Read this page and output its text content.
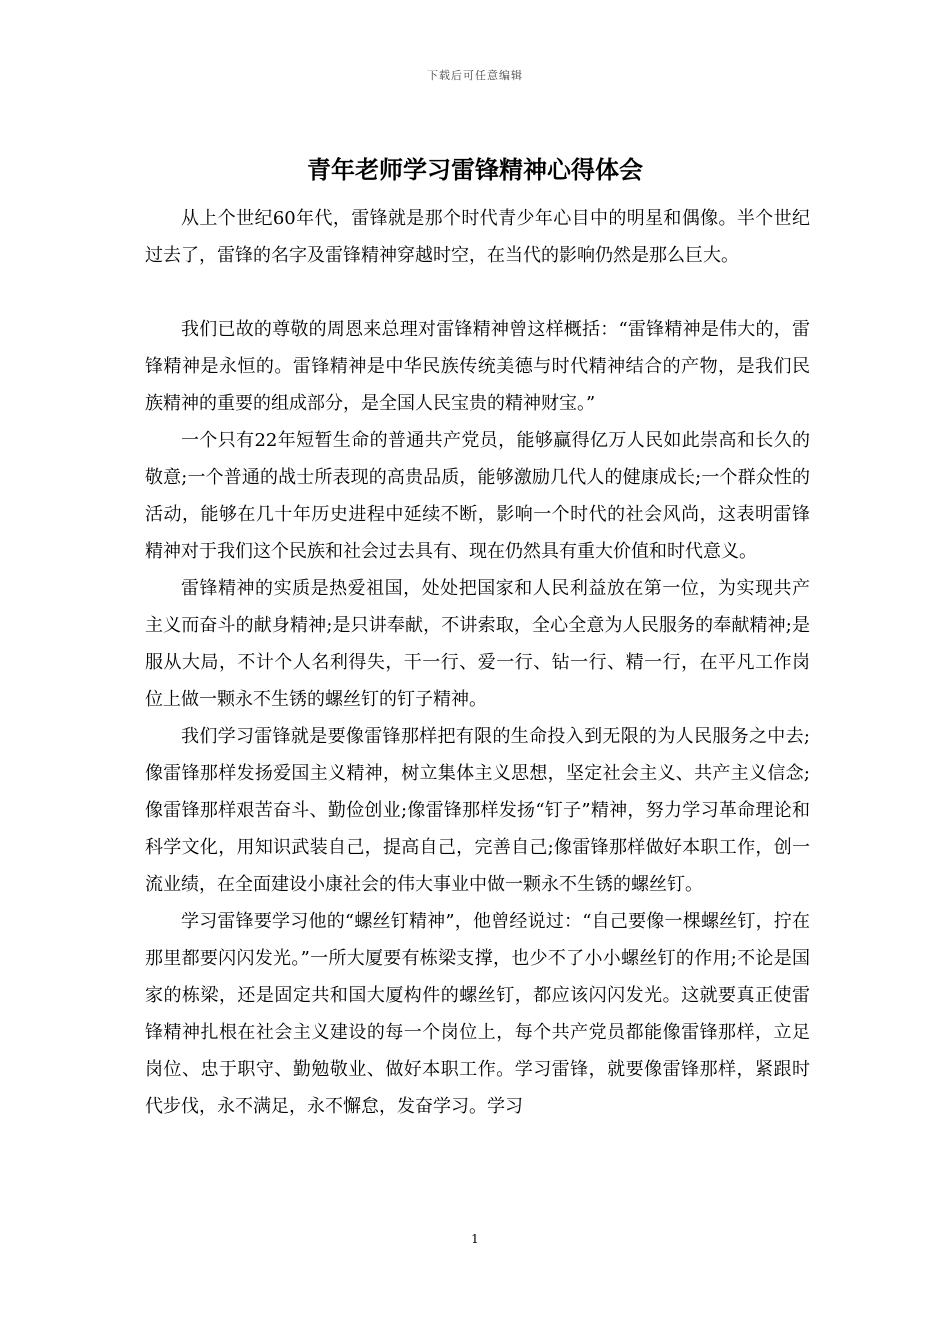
下载后可任意编辑
青年老师学习雷锋精神心得体会

从上个世纪60年代，雷锋就是那个时代青少年心目中的明星和偶像。半个世纪过去了，雷锋的名字及雷锋精神穿越时空，在当代的影响仍然是那么巨大。

我们已故的尊敬的周恩来总理对雷锋精神曾这样概括：“雷锋精神是伟大的，雷锋精神是永恒的。雷锋精神是中华民族传统美德与时代精神结合的产物，是我们民族精神的重要的组成部分，是全国人民宝贵的精神财宝。”

一个只有22年短暂生命的普通共产党员，能够赢得亿万人民如此崇高和长久的敬意;一个普通的战士所表现的高贵品质，能够激励几代人的健康成长;一个群众性的活动，能够在几十年历史进程中延续不断，影响一个时代的社会风尚，这表明雷锋精神对于我们这个民族和社会过去具有、现在仍然具有重大价值和时代意义。

雷锋精神的实质是热爱祖国，处处把国家和人民利益放在第一位，为实现共产主义而奋斗的献身精神;是只讲奉献，不讲索取，全心全意为人民服务的奉献精神;是服从大局，不计个人名利得失，干一行、爱一行、钻一行、精一行，在平凡工作岗位上做一颗永不生锈的螺丝钉的钉子精神。

我们学习雷锋就是要像雷锋那样把有限的生命投入到无限的为人民服务之中去;像雷锋那样发扬爱国主义精神，树立集体主义思想，坚定社会主义、共产主义信念;像雷锋那样艰苦奋斗、勤俭创业;像雷锋那样发扬“钉子”精神，努力学习革命理论和科学文化，用知识武装自己，提高自己，完善自己;像雷锋那样做好本职工作，创一流业绩，在全面建设小康社会的伟大事业中做一颗永不生锈的螺丝钉。

学习雷锋要学习他的“螺丝钉精神”，他曾经说过：“自己要像一棵螺丝钉，拧在那里都要闪闪发光。”一所大厦要有栋梁支撑，也少不了小小螺丝钉的作用;不论是国家的栋梁，还是固定共和国大厦构件的螺丝钉，都应该闪闪发光。这就要真正使雷锋精神扎根在社会主义建设的每一个岗位上，每个共产党员都能像雷锋那样，立足岗位、忠于职守、勤勉敬业、做好本职工作。学习雷锋，就要像雷锋那样，紧跟时代步伐，永不满足，永不懈怠，发奋学习。学习

1
